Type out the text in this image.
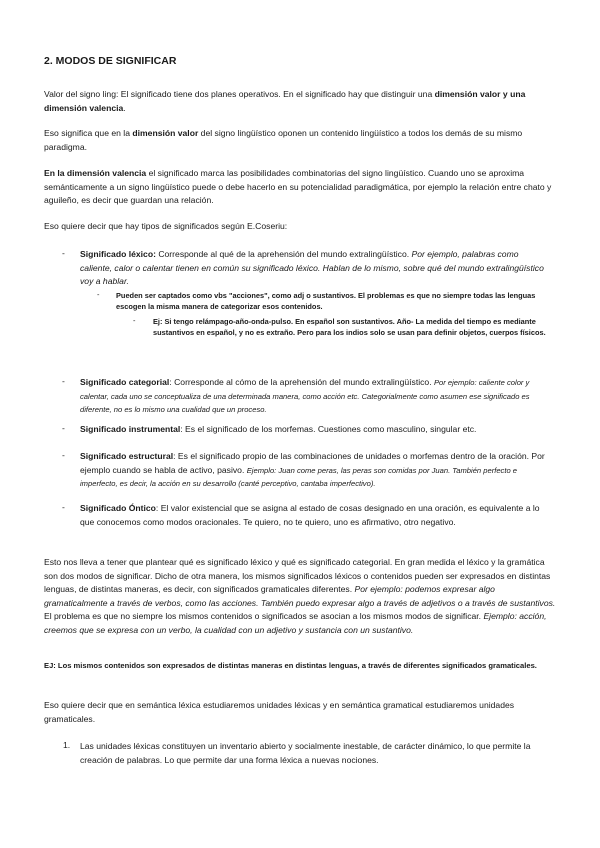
2. MODOS DE SIGNIFICAR

Valor del signo ling: El significado tiene dos planes operativos. En el significado hay que distinguir una dimensión valor y una dimensión valencia.

Eso significa que en la dimensión valor del signo lingüístico oponen un contenido lingüístico a todos los demás de su mismo paradigma.

En la dimensión valencia el significado marca las posibilidades combinatorias del signo lingüístico. Cuando uno se aproxima semánticamente a un signo lingüístico puede o debe hacerlo en su potencialidad paradigmática, por ejemplo la relación entre chato y aguileño, es decir que guardan una relación.

Eso quiere decir que hay tipos de significados según E.Coseriu:

- Significado léxico: Corresponde al qué de la aprehensión del mundo extralingüístico. Por ejemplo, palabras como caliente, calor o calentar tienen en común su significado léxico. Hablan de lo mismo, sobre qué del mundo extralingüístico voy a hablar.

- Pueden ser captados como vbs "acciones", como adj o sustantivos. El problemas es que no siempre todas las lenguas escogen la misma manera de categorizar esos contenidos.

- Ej: Si tengo relámpago-año-onda-pulso. En español son sustantivos. Año- La medida del tiempo es mediante sustantivos en español, y no es extraño. Pero para los indios solo se usan para definir objetos, cuerpos físicos.

- Significado categorial: Corresponde al cómo de la aprehensión del mundo extralingüístico. Por ejemplo: caliente color y calentar, cada uno se conceptualiza de una determinada manera, como acción etc. Categorialmente como asumen ese significado es diferente, no es lo mismo una cualidad que un proceso.

- Significado instrumental: Es el significado de los morfemas. Cuestiones como masculino, singular etc.

- Significado estructural: Es el significado propio de las combinaciones de unidades o morfemas dentro de la oración. Por ejemplo cuando se habla de activo, pasivo. Ejemplo: Juan come peras, las peras son comidas por Juan. También perfecto e imperfecto, es decir, la acción en su desarrollo (canté perceptivo, cantaba imperfectivo).

- Significado Óntico: El valor existencial que se asigna al estado de cosas designado en una oración, es equivalente a lo que conocemos como modos oracionales. Te quiero, no te quiero, uno es afirmativo, otro negativo.

Esto nos lleva a tener que plantear qué es significado léxico y qué es significado categorial. En gran medida el léxico y la gramática son dos modos de significar. Dicho de otra manera, los mismos significados léxicos o contenidos pueden ser expresados en distintas lenguas, de distintas maneras, es decir, con significados gramaticales diferentes. Por ejemplo: podemos expresar algo gramaticalmente a través de verbos, como las acciones. También puedo expresar algo a través de adjetivos o a través de sustantivos. El problema es que no siempre los mismos contenidos o significados se asocian a los mismos modos de significar. Ejemplo: acción, creemos que se expresa con un verbo, la cualidad con un adjetivo y sustancia con un sustantivo.

EJ: Los mismos contenidos son expresados de distintas maneras en distintas lenguas, a través de diferentes significados gramaticales.

Eso quiere decir que en semántica léxica estudiaremos unidades léxicas y en semántica gramatical estudiaremos unidades gramaticales.

1. Las unidades léxicas constituyen un inventario abierto y socialmente inestable, de carácter dinámico, lo que permite la creación de palabras. Lo que permite dar una forma léxica a nuevas nociones.
